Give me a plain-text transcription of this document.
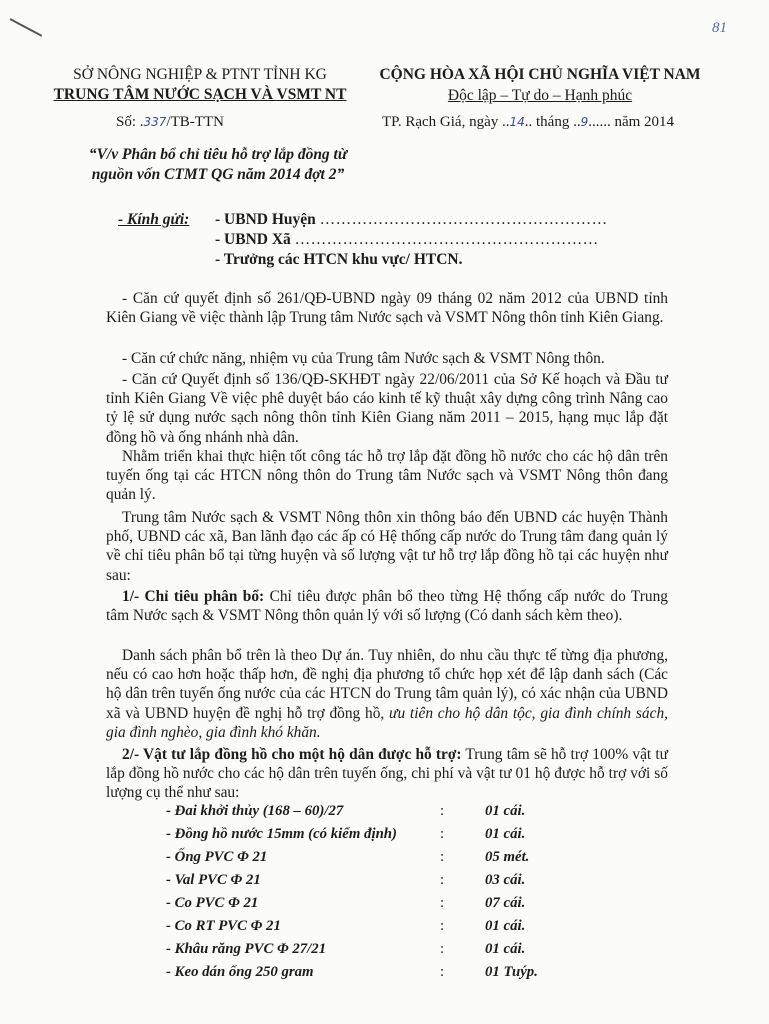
81
SỞ NÔNG NGHIỆP & PTNT TỈNH KG
TRUNG TÂM NƯỚC SẠCH VÀ VSMT NT
CỘNG HÒA XÃ HỘI CHỦ NGHĨA VIỆT NAM
Độc lập – Tự do – Hạnh phúc
Số: .337/TB-TTN	TP. Rạch Giá, ngày ..14.. tháng ..9...... năm 2014
“V/v Phân bổ chỉ tiêu hỗ trợ lắp đồng từ nguồn vốn CTMT QG năm 2014 đợt 2”
- Kính gửi: - UBND Huyện ………………………………………………
- UBND Xã …………………………………………………
- Trưởng các HTCN khu vực/ HTCN.
- Căn cứ quyết định số 261/QĐ-UBND ngày 09 tháng 02 năm 2012 của UBND tỉnh Kiên Giang về việc thành lập Trung tâm Nước sạch và VSMT Nông thôn tỉnh Kiên Giang.
- Căn cứ chức năng, nhiệm vụ của Trung tâm Nước sạch & VSMT Nông thôn.
- Căn cứ Quyết định số 136/QĐ-SKHĐT ngày 22/06/2011 của Sở Kế hoạch và Đầu tư tỉnh Kiên Giang Về việc phê duyệt báo cáo kinh tế kỹ thuật xây dựng công trình Nâng cao tỷ lệ sử dụng nước sạch nông thôn tỉnh Kiên Giang năm 2011 – 2015, hạng mục lắp đặt đồng hồ và ống nhánh nhà dân.
Nhằm triển khai thực hiện tốt công tác hỗ trợ lắp đặt đồng hồ nước cho các hộ dân trên tuyến ống tại các HTCN nông thôn do Trung tâm Nước sạch và VSMT Nông thôn đang quản lý.
Trung tâm Nước sạch & VSMT Nông thôn xin thông báo đến UBND các huyện Thành phố, UBND các xã, Ban lãnh đạo các ấp có Hệ thống cấp nước do Trung tâm đang quản lý về chỉ tiêu phân bổ tại từng huyện và số lượng vật tư hỗ trợ lắp đồng hồ tại các huyện như sau:
1/- Chỉ tiêu phân bổ: Chỉ tiêu được phân bổ theo từng Hệ thống cấp nước do Trung tâm Nước sạch & VSMT Nông thôn quản lý với số lượng (Có danh sách kèm theo).
Danh sách phân bổ trên là theo Dự án. Tuy nhiên, do nhu cầu thực tế từng địa phương, nếu có cao hơn hoặc thấp hơn, đề nghị địa phương tổ chức họp xét để lập danh sách (Các hộ dân trên tuyến ống nước của các HTCN do Trung tâm quản lý), có xác nhận của UBND xã và UBND huyện đề nghị hỗ trợ đồng hồ, ưu tiên cho hộ dân tộc, gia đình chính sách, gia đình nghèo, gia đình khó khăn.
2/- Vật tư lắp đồng hồ cho một hộ dân được hỗ trợ: Trung tâm sẽ hỗ trợ 100% vật tư lắp đồng hồ nước cho các hộ dân trên tuyến ống, chi phí và vật tư 01 hộ được hỗ trợ với số lượng cụ thể như sau:
- Đai khởi thủy (168 – 60)/27	:	01 cái.
- Đồng hồ nước 15mm (có kiểm định)	:	01 cái.
- Ống PVC Φ 21	:	05 mét.
- Val PVC Φ 21	:	03 cái.
- Co PVC Φ 21	:	07 cái.
- Co RT PVC Φ 21	:	01 cái.
- Khâu răng PVC Φ 27/21	:	01 cái.
- Keo dán ống 250 gram	:	01 Tuýp.
